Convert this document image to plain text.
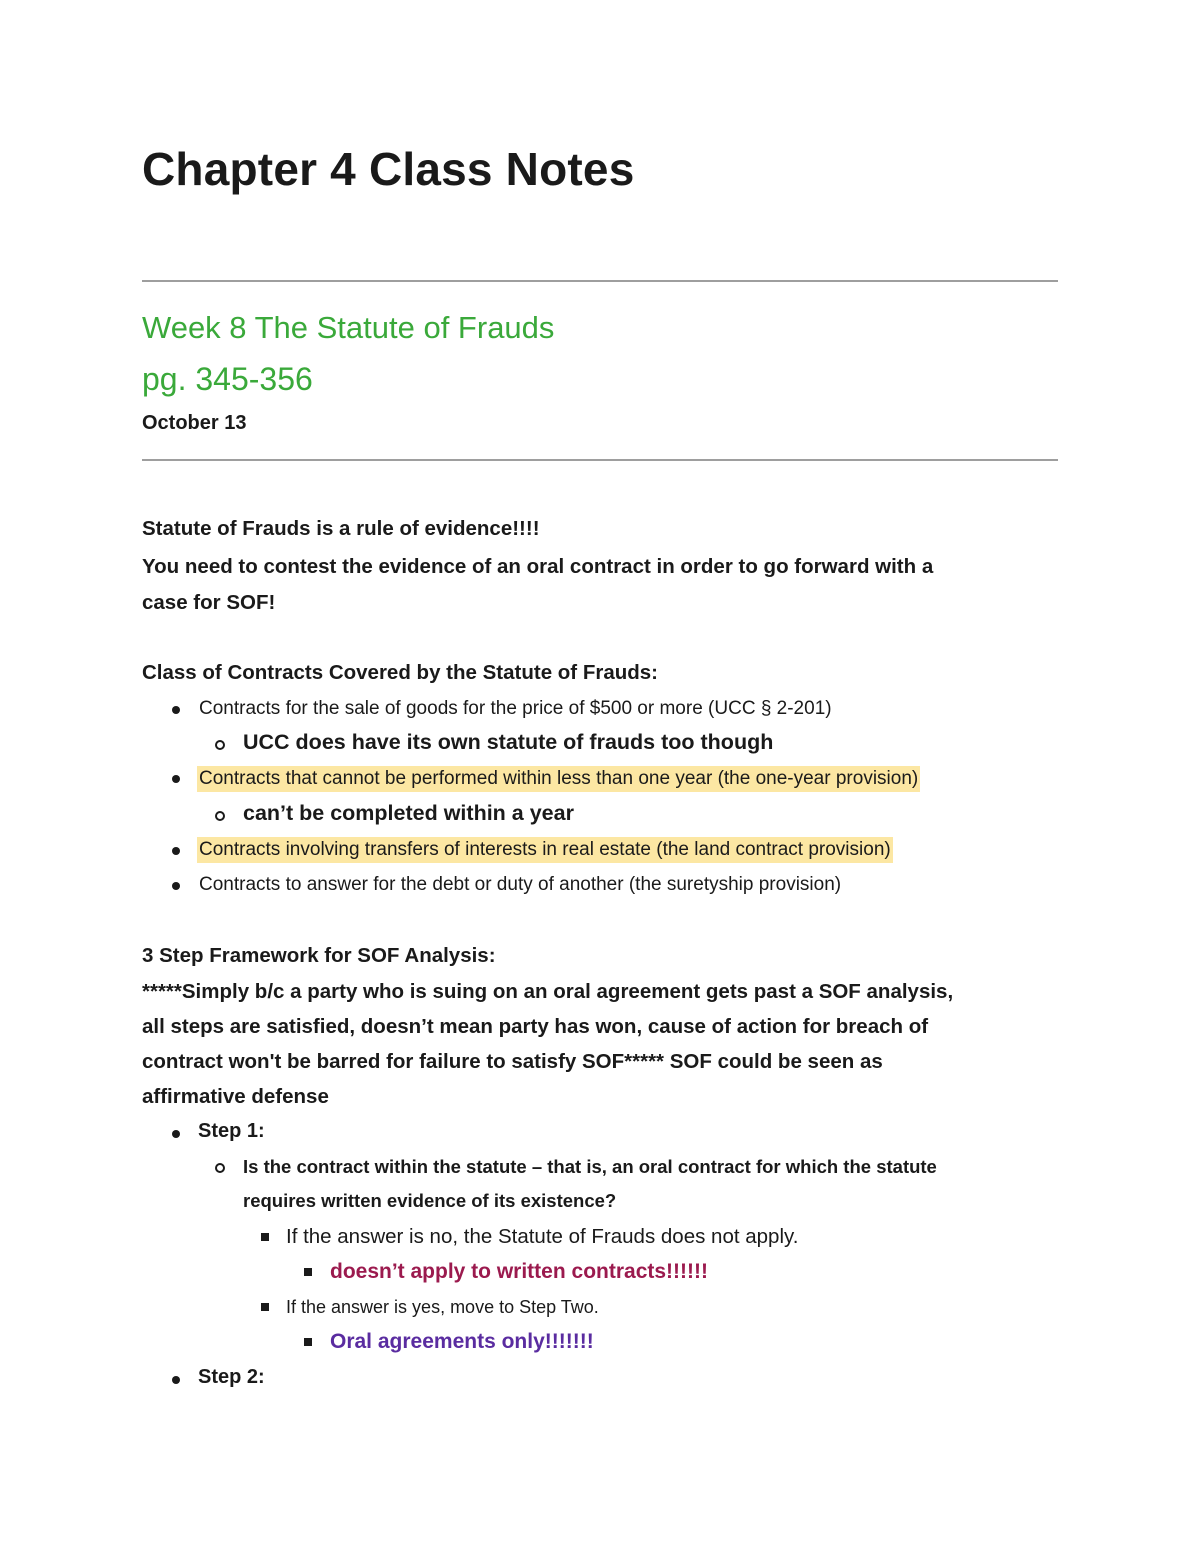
Chapter 4 Class Notes
Week 8 The Statute of Frauds
pg. 345-356
October 13
Statute of Frauds is a rule of evidence!!!!
You need to contest the evidence of an oral contract in order to go forward with a
case for SOF!
Class of Contracts Covered by the Statute of Frauds:
Contracts for the sale of goods for the price of $500 or more (UCC § 2-201)
UCC does have its own statute of frauds too though
Contracts that cannot be performed within less than one year (the one-year provision)
can’t be completed within a year
Contracts involving transfers of interests in real estate (the land contract provision)
Contracts to answer for the debt or duty of another (the suretyship provision)
3 Step Framework for SOF Analysis:
*****Simply b/c a party who is suing on an oral agreement gets past a SOF analysis,
all steps are satisfied, doesn’t mean party has won, cause of action for breach of
contract won't be barred for failure to satisfy SOF***** SOF could be seen as
affirmative defense
Step 1:
Is the contract within the statute – that is, an oral contract for which the statute
requires written evidence of its existence?
If the answer is no, the Statute of Frauds does not apply.
doesn’t apply to written contracts!!!!!!
If the answer is yes, move to Step Two.
Oral agreements only!!!!!!!
Step 2:
